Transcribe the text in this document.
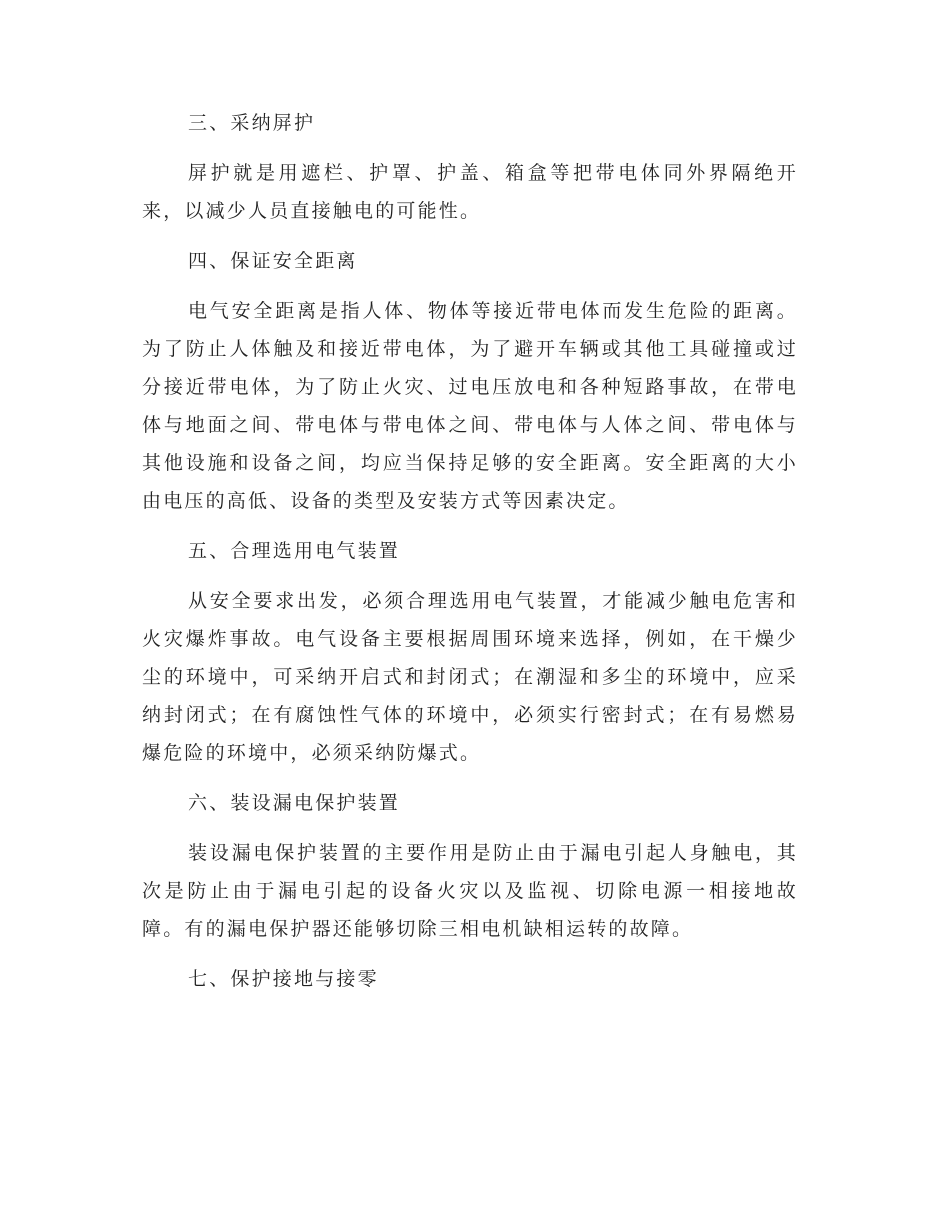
三、采纳屏护

屏护就是用遮栏、护罩、护盖、箱盒等把带电体同外界隔绝开来，以减少人员直接触电的可能性。

四、保证安全距离

电气安全距离是指人体、物体等接近带电体而发生危险的距离。为了防止人体触及和接近带电体，为了避开车辆或其他工具碰撞或过分接近带电体，为了防止火灾、过电压放电和各种短路事故，在带电体与地面之间、带电体与带电体之间、带电体与人体之间、带电体与其他设施和设备之间，均应当保持足够的安全距离。安全距离的大小由电压的高低、设备的类型及安装方式等因素决定。

五、合理选用电气装置

从安全要求出发，必须合理选用电气装置，才能减少触电危害和火灾爆炸事故。电气设备主要根据周围环境来选择，例如，在干燥少尘的环境中，可采纳开启式和封闭式；在潮湿和多尘的环境中，应采纳封闭式；在有腐蚀性气体的环境中，必须实行密封式；在有易燃易爆危险的环境中，必须采纳防爆式。

六、装设漏电保护装置

装设漏电保护装置的主要作用是防止由于漏电引起人身触电，其次是防止由于漏电引起的设备火灾以及监视、切除电源一相接地故障。有的漏电保护器还能够切除三相电机缺相运转的故障。

七、保护接地与接零
